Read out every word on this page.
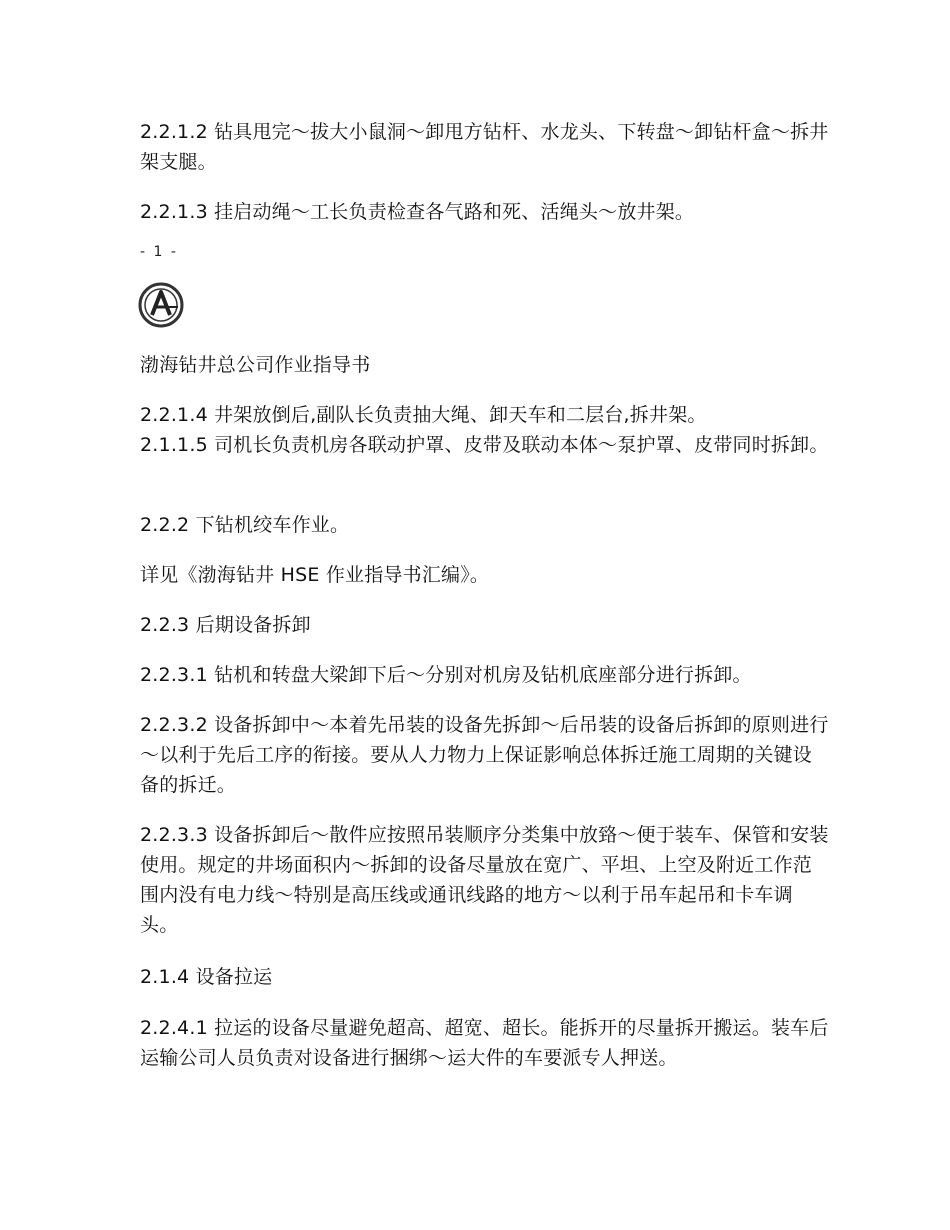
2.2.1.2 钻具甩完～拔大小鼠洞～卸甩方钻杆、水龙头、下转盘～卸钻杆盒～拆井架支腿。

2.2.1.3 挂启动绳～工长负责检查各气路和死、活绳头～放井架。

- 1 -

渤海钻井总公司作业指导书

2.2.1.4 井架放倒后,副队长负责抽大绳、卸天车和二层台,拆井架。

2.1.1.5 司机长负责机房各联动护罩、皮带及联动本体～泵护罩、皮带同时拆卸。

2.2.2 下钻机绞车作业。

详见《渤海钻井 HSE 作业指导书汇编》。

2.2.3 后期设备拆卸

2.2.3.1 钻机和转盘大梁卸下后～分别对机房及钻机底座部分进行拆卸。

2.2.3.2 设备拆卸中～本着先吊装的设备先拆卸～后吊装的设备后拆卸的原则进行～以利于先后工序的衔接。要从人力物力上保证影响总体拆迁施工周期的关键设备的拆迁。

2.2.3.3 设备拆卸后～散件应按照吊装顺序分类集中放臵～便于装车、保管和安装使用。规定的井场面积内～拆卸的设备尽量放在宽广、平坦、上空及附近工作范围内没有电力线～特别是高压线或通讯线路的地方～以利于吊车起吊和卡车调头。

2.1.4 设备拉运

2.2.4.1 拉运的设备尽量避免超高、超宽、超长。能拆开的尽量拆开搬运。装车后运输公司人员负责对设备进行捆绑～运大件的车要派专人押送。
